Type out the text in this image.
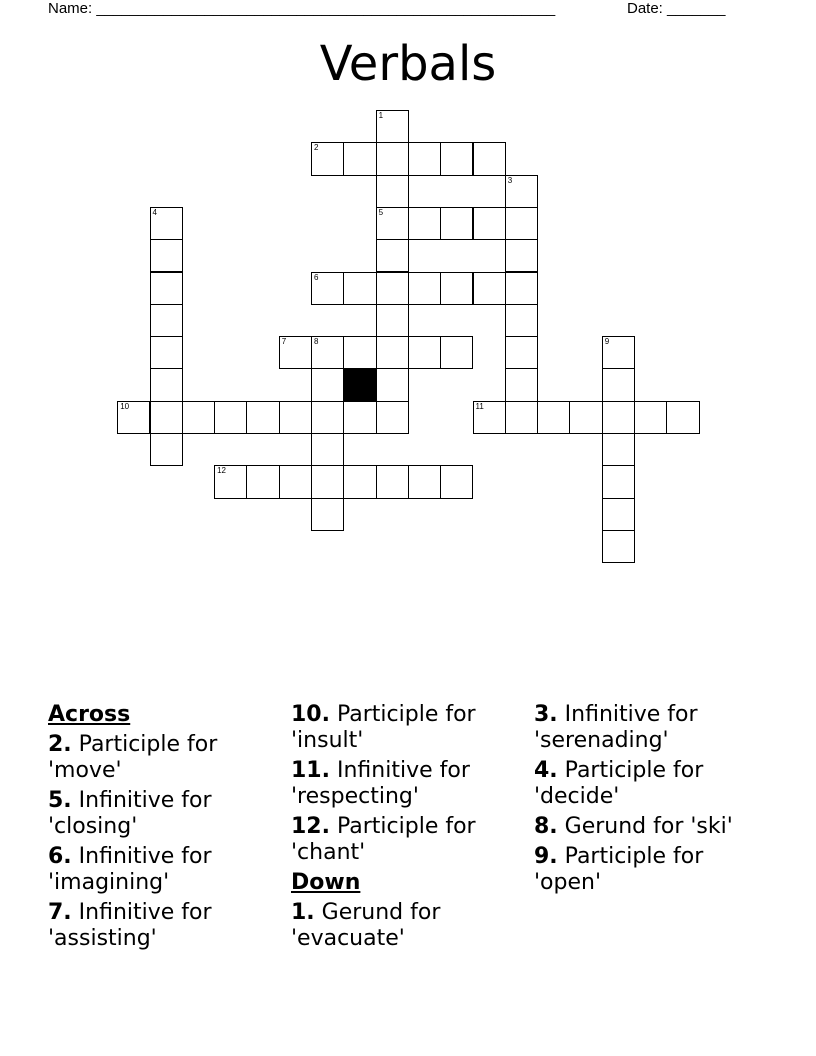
Name: _______________________________________________________	Date: _______
Verbals
1
5
2
3
4
6
7	8	9
10	11
12
Across
2. Participle for 'move'
5. Infinitive for 'closing'
6. Infinitive for 'imagining'
7. Infinitive for 'assisting'
10. Participle for 'insult'
11. Infinitive for 'respecting'
12. Participle for 'chant'
Down
1. Gerund for 'evacuate'
3. Infinitive for 'serenading'
4. Participle for 'decide'
8. Gerund for 'ski'
9. Participle for 'open'
